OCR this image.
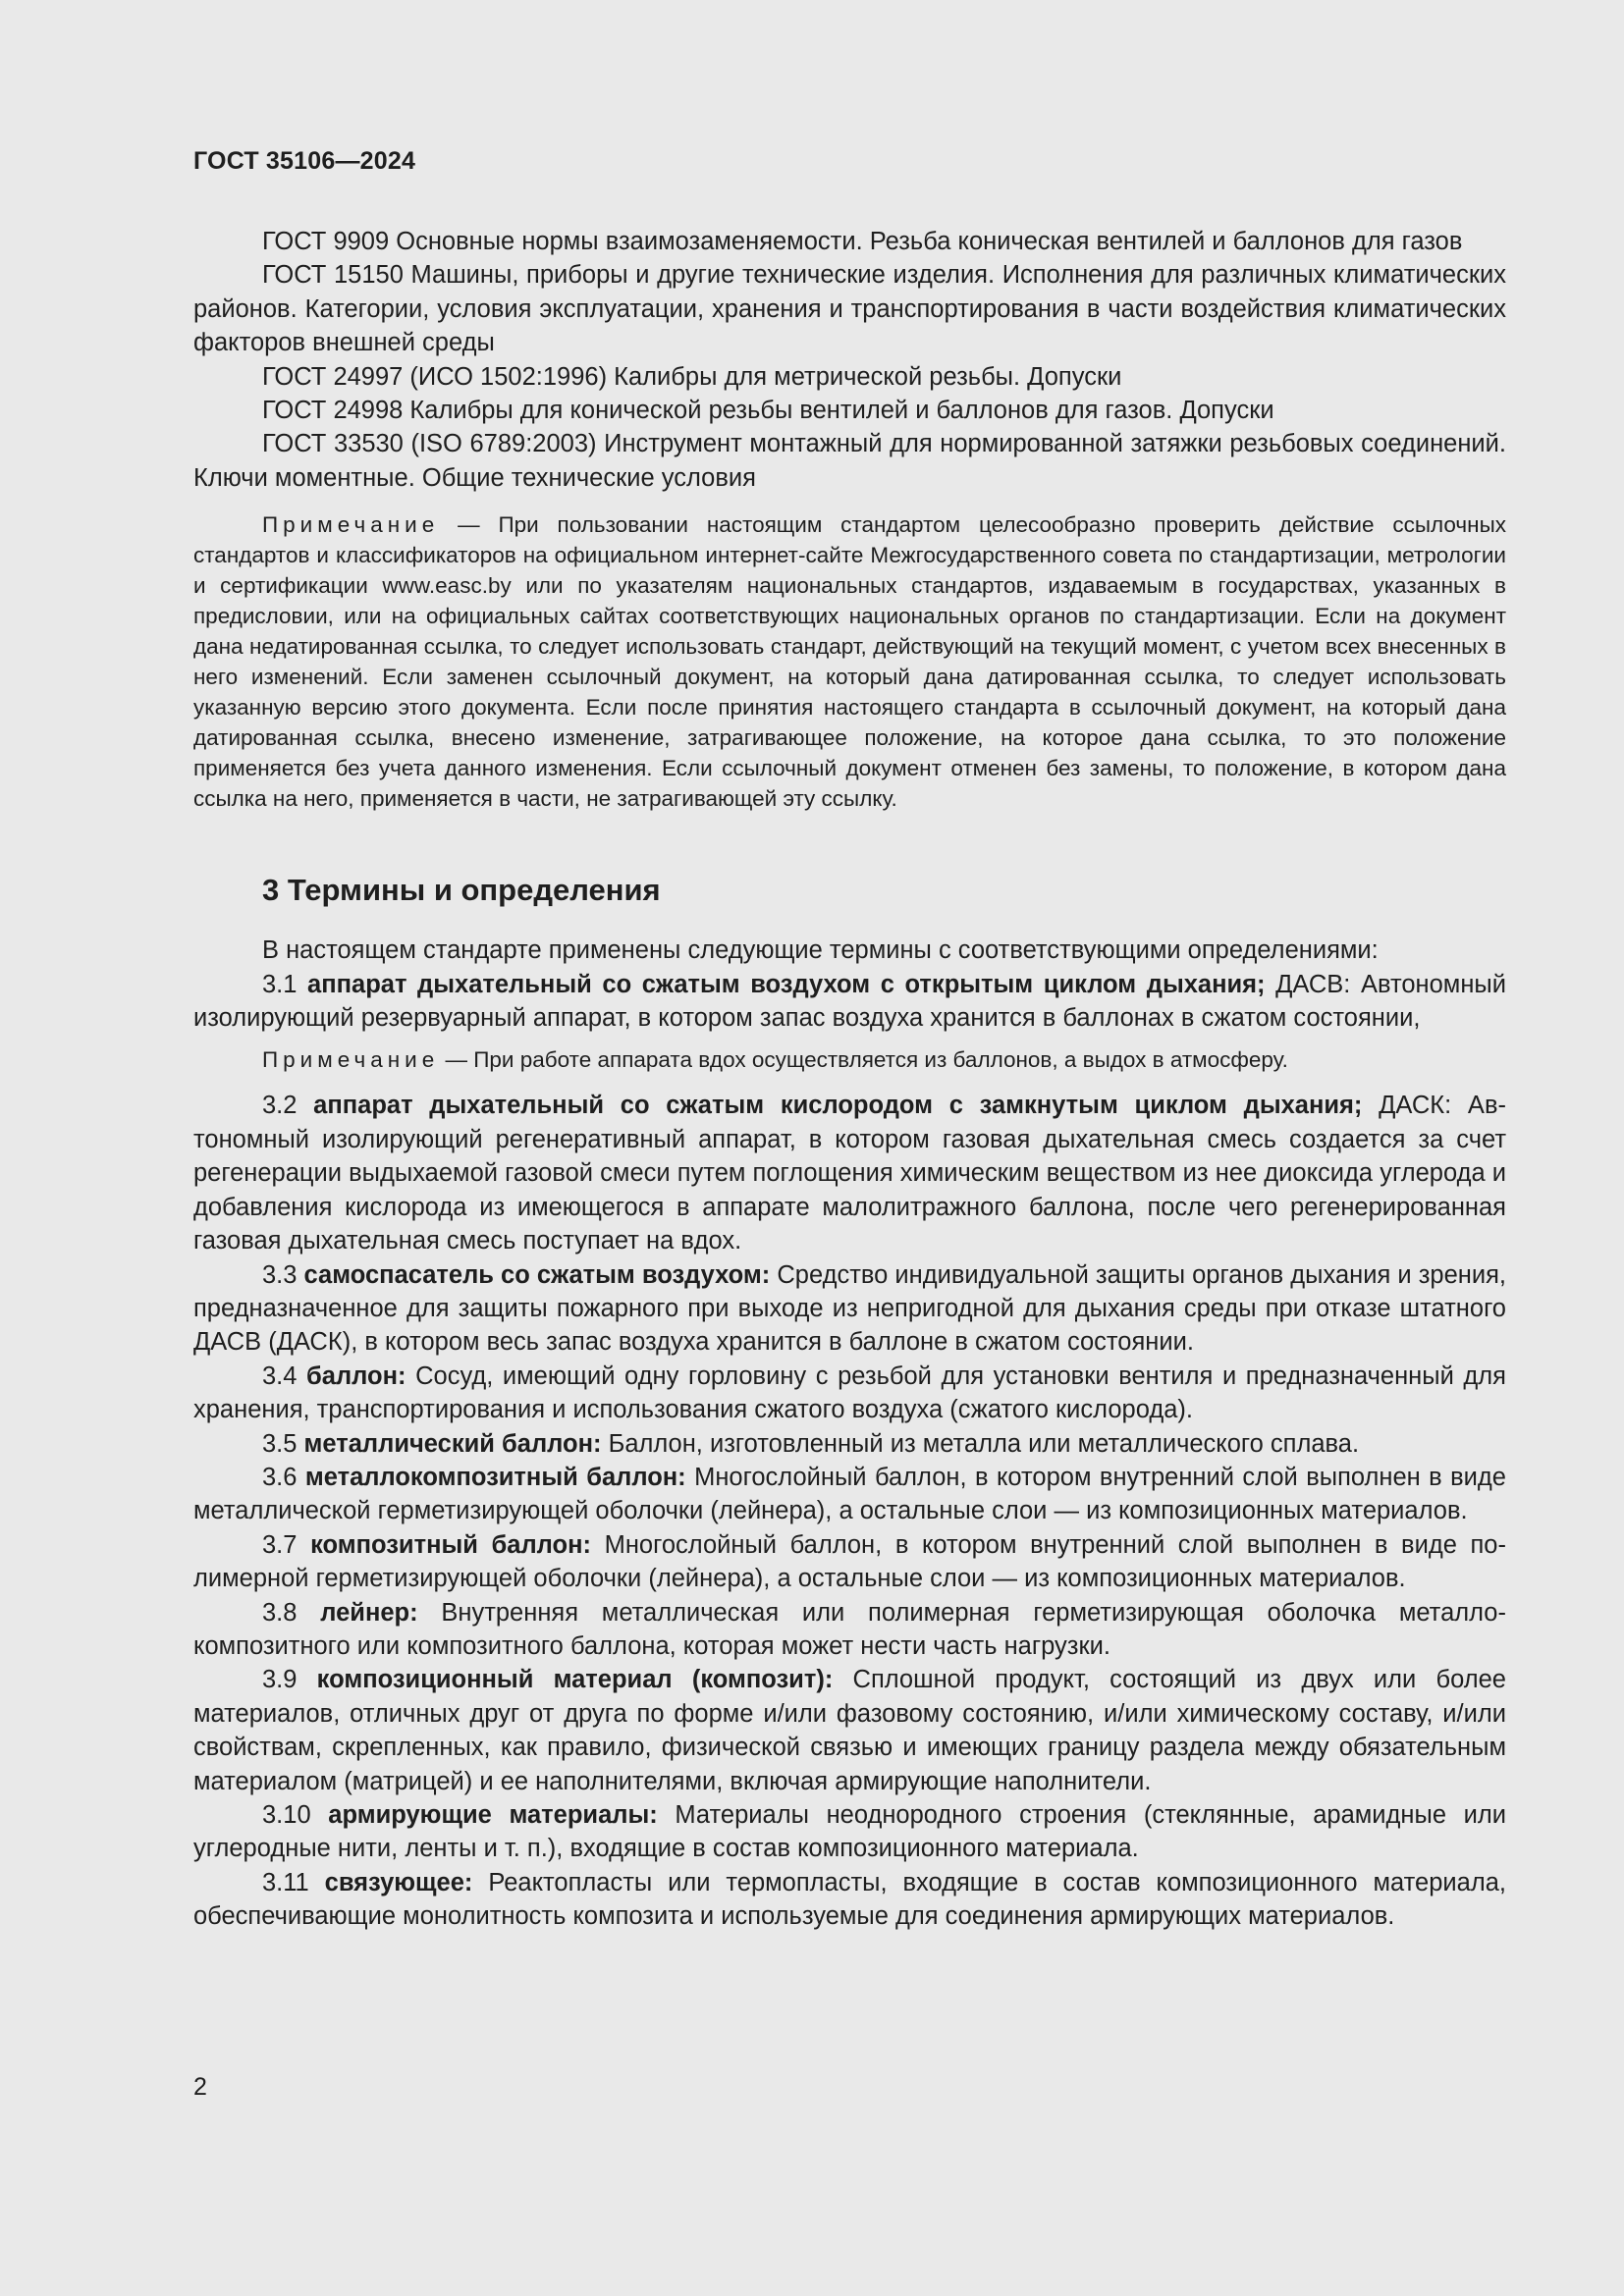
ГОСТ 35106—2024

ГОСТ 9909 Основные нормы взаимозаменяемости. Резьба коническая вентилей и баллонов для газов

ГОСТ 15150 Машины, приборы и другие технические изделия. Исполнения для различных климатических районов. Категории, условия эксплуатации, хранения и транспортирования в части воздействия климатических факторов внешней среды

ГОСТ 24997 (ИСО 1502:1996) Калибры для метрической резьбы. Допуски

ГОСТ 24998 Калибры для конической резьбы вентилей и баллонов для газов. Допуски

ГОСТ 33530 (ISO 6789:2003) Инструмент монтажный для нормированной затяжки резьбовых соединений. Ключи моментные. Общие технические условия

Примечание — При пользовании настоящим стандартом целесообразно проверить действие ссылочных стандартов и классификаторов на официальном интернет-сайте Межгосударственного совета по стандартизации, метрологии и сертификации www.easc.by или по указателям национальных стандартов, издаваемым в государствах, указанных в предисловии, или на официальных сайтах соответствующих национальных органов по стандартизации. Если на документ дана недатированная ссылка, то следует использовать стандарт, действующий на текущий момент, с учетом всех внесенных в него изменений. Если заменен ссылочный документ, на который дана датированная ссылка, то следует использовать указанную версию этого документа. Если после принятия настоящего стандарта в ссылочный документ, на который дана датированная ссылка, внесено изменение, затрагивающее положение, на которое дана ссылка, то это положение применяется без учета данного изменения. Если ссылочный документ отменен без замены, то положение, в котором дана ссылка на него, применяется в части, не затрагивающей эту ссылку.

3 Термины и определения

В настоящем стандарте применены следующие термины с соответствующими определениями:

3.1 аппарат дыхательный со сжатым воздухом с открытым циклом дыхания; ДАСВ: Автономный изолирующий резервуарный аппарат, в котором запас воздуха хранится в баллонах в сжатом состоянии,

Примечание — При работе аппарата вдох осуществляется из баллонов, а выдох в атмосферу.

3.2 аппарат дыхательный со сжатым кислородом с замкнутым циклом дыхания; ДАСК: Автономный изолирующий регенеративный аппарат, в котором газовая дыхательная смесь создается за счет регенерации выдыхаемой газовой смеси путем поглощения химическим веществом из нее диоксида углерода и добавления кислорода из имеющегося в аппарате малолитражного баллона, после чего регенерированная газовая дыхательная смесь поступает на вдох.

3.3 самоспасатель со сжатым воздухом: Средство индивидуальной защиты органов дыхания и зрения, предназначенное для защиты пожарного при выходе из непригодной для дыхания среды при отказе штатного ДАСВ (ДАСК), в котором весь запас воздуха хранится в баллоне в сжатом состоянии.

3.4 баллон: Сосуд, имеющий одну горловину с резьбой для установки вентиля и предназначенный для хранения, транспортирования и использования сжатого воздуха (сжатого кислорода).

3.5 металлический баллон: Баллон, изготовленный из металла или металлического сплава.

3.6 металлокомпозитный баллон: Многослойный баллон, в котором внутренний слой выполнен в виде металлической герметизирующей оболочки (лейнера), а остальные слои — из композиционных материалов.

3.7 композитный баллон: Многослойный баллон, в котором внутренний слой выполнен в виде полимерной герметизирующей оболочки (лейнера), а остальные слои — из композиционных материалов.

3.8 лейнер: Внутренняя металлическая или полимерная герметизирующая оболочка металлокомпозитного или композитного баллона, которая может нести часть нагрузки.

3.9 композиционный материал (композит): Сплошной продукт, состоящий из двух или более материалов, отличных друг от друга по форме и/или фазовому состоянию, и/или химическому составу, и/или свойствам, скрепленных, как правило, физической связью и имеющих границу раздела между обязательным материалом (матрицей) и ее наполнителями, включая армирующие наполнители.

3.10 армирующие материалы: Материалы неоднородного строения (стеклянные, арамидные или углеродные нити, ленты и т. п.), входящие в состав композиционного материала.

3.11 связующее: Реактопласты или термопласты, входящие в состав композиционного материала, обеспечивающие монолитность композита и используемые для соединения армирующих материалов.

2
